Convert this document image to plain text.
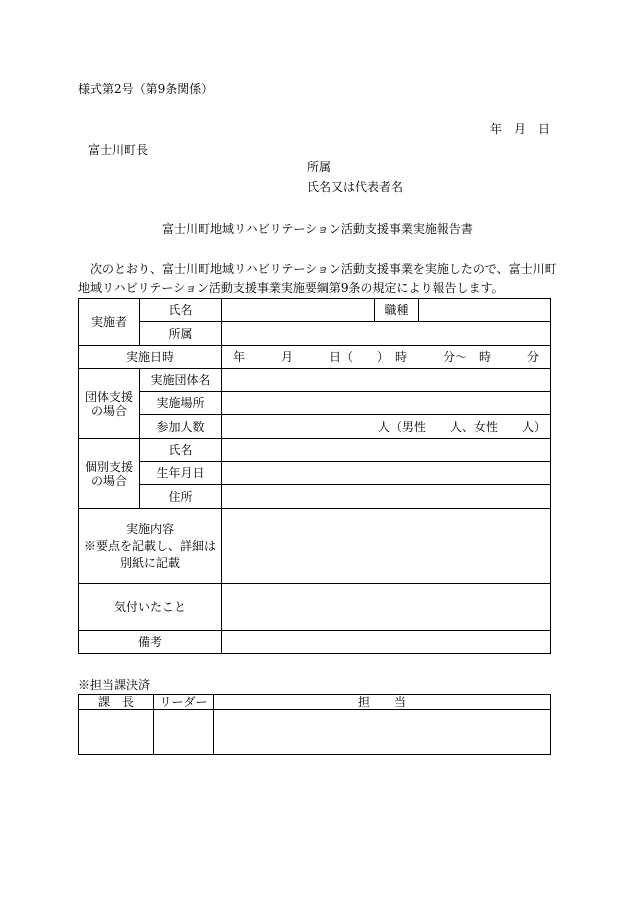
様式第2号（第9条関係）
年　月　日
富士川町長
所属
氏名又は代表者名
富士川町地域リハビリテーション活動支援事業実施報告書
　次のとおり、富士川町地域リハビリテーション活動支援事業を実施したので、富士川町
地域リハビリテーション活動支援事業実施要綱第9条の規定により報告します。
実施者	氏名		職種	
	所属			
実施日時		年　　　月　　　日（　　）　時　　　分～　時　　　分		
団体支援の場合	実施団体名			
	実施場所			
	参加人数	人（男性　　人、女性　　人）		
個別支援の場合	氏名			
	生年月日			
	住所			

実施内容
※要点を記載し、詳細は
別紙に記載				

気付いたこと				
備考				
※担当課決済
課　長	リーダー	担　　当
